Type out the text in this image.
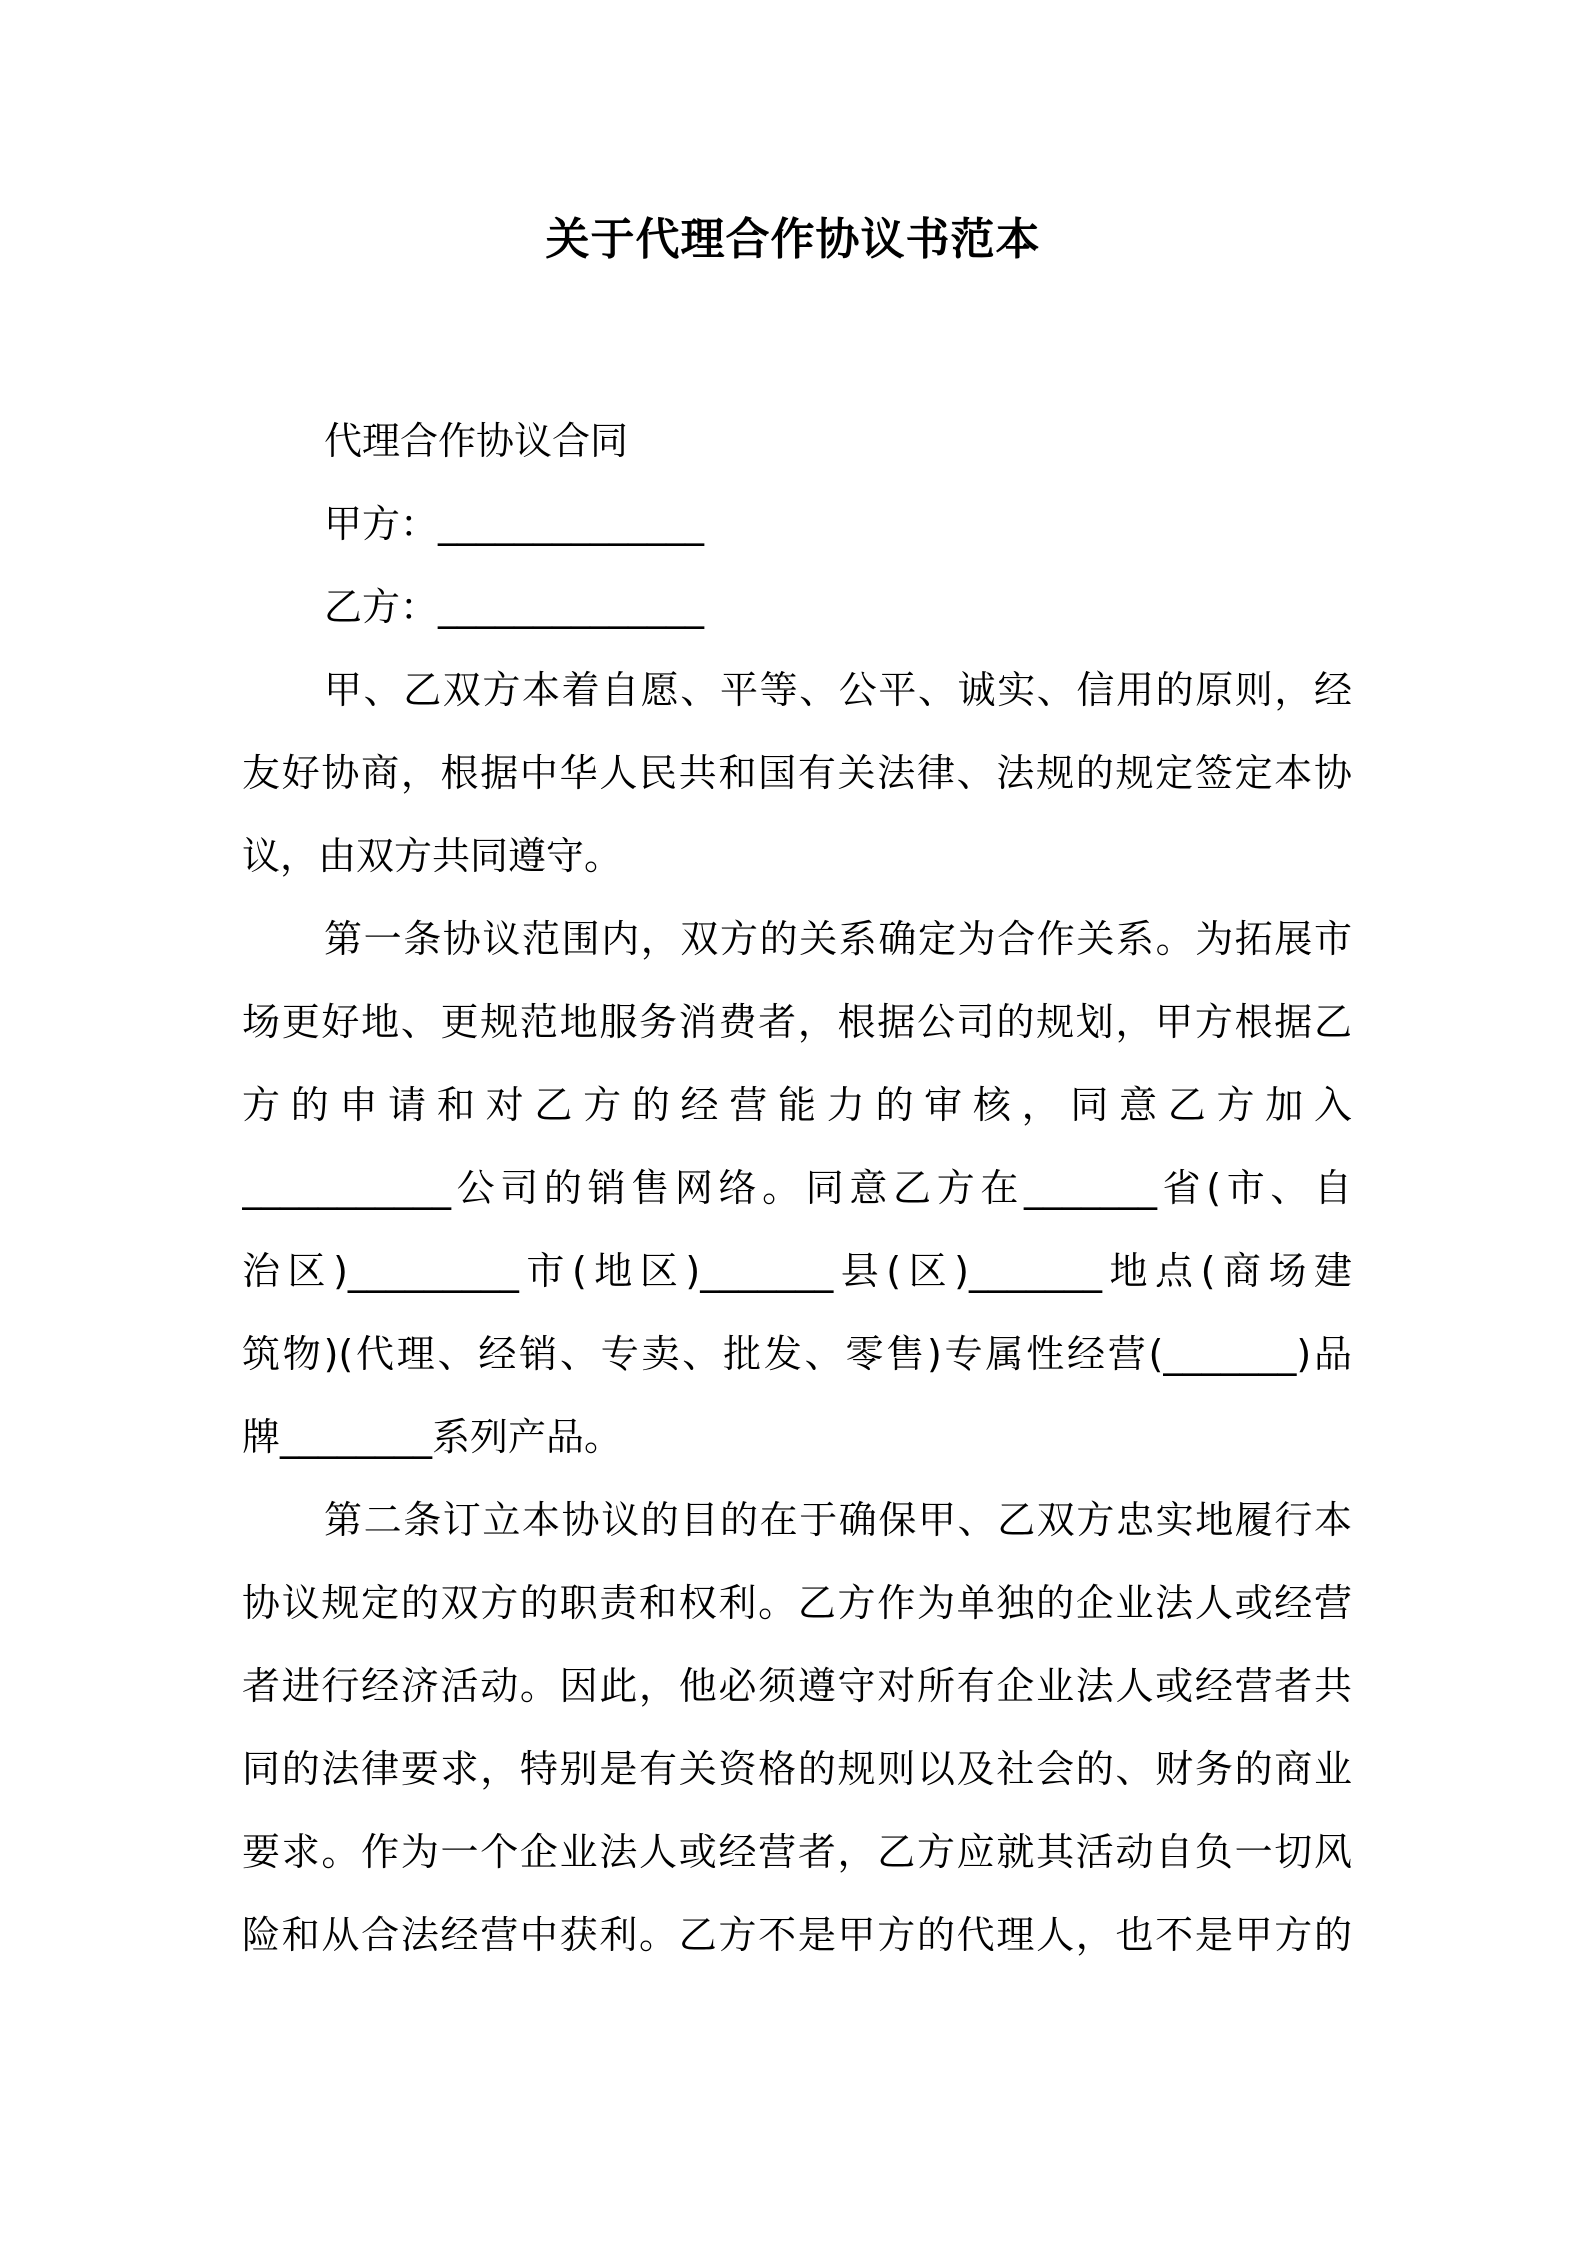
关于代理合作协议书范本
代理合作协议合同
甲方：______________
乙方：______________
甲、乙双方本着自愿、平等、公平、诚实、信用的原则，经
友好协商，根据中华人民共和国有关法律、法规的规定签定本协
议，由双方共同遵守。
第一条协议范围内，双方的关系确定为合作关系。为拓展市
场更好地、更规范地服务消费者，根据公司的规划，甲方根据乙
方的申请和对乙方的经营能力的审核，同意乙方加入
___________公司的销售网络。同意乙方在_______省(市、自
治区)_________市(地区)_______县(区)_______地点(商场建
筑物)(代理、经销、专卖、批发、零售)专属性经营(_______)品
牌________系列产品。
第二条订立本协议的目的在于确保甲、乙双方忠实地履行本
协议规定的双方的职责和权利。乙方作为单独的企业法人或经营
者进行经济活动。因此，他必须遵守对所有企业法人或经营者共
同的法律要求，特别是有关资格的规则以及社会的、财务的商业
要求。作为一个企业法人或经营者，乙方应就其活动自负一切风
险和从合法经营中获利。乙方不是甲方的代理人，也不是甲方的
